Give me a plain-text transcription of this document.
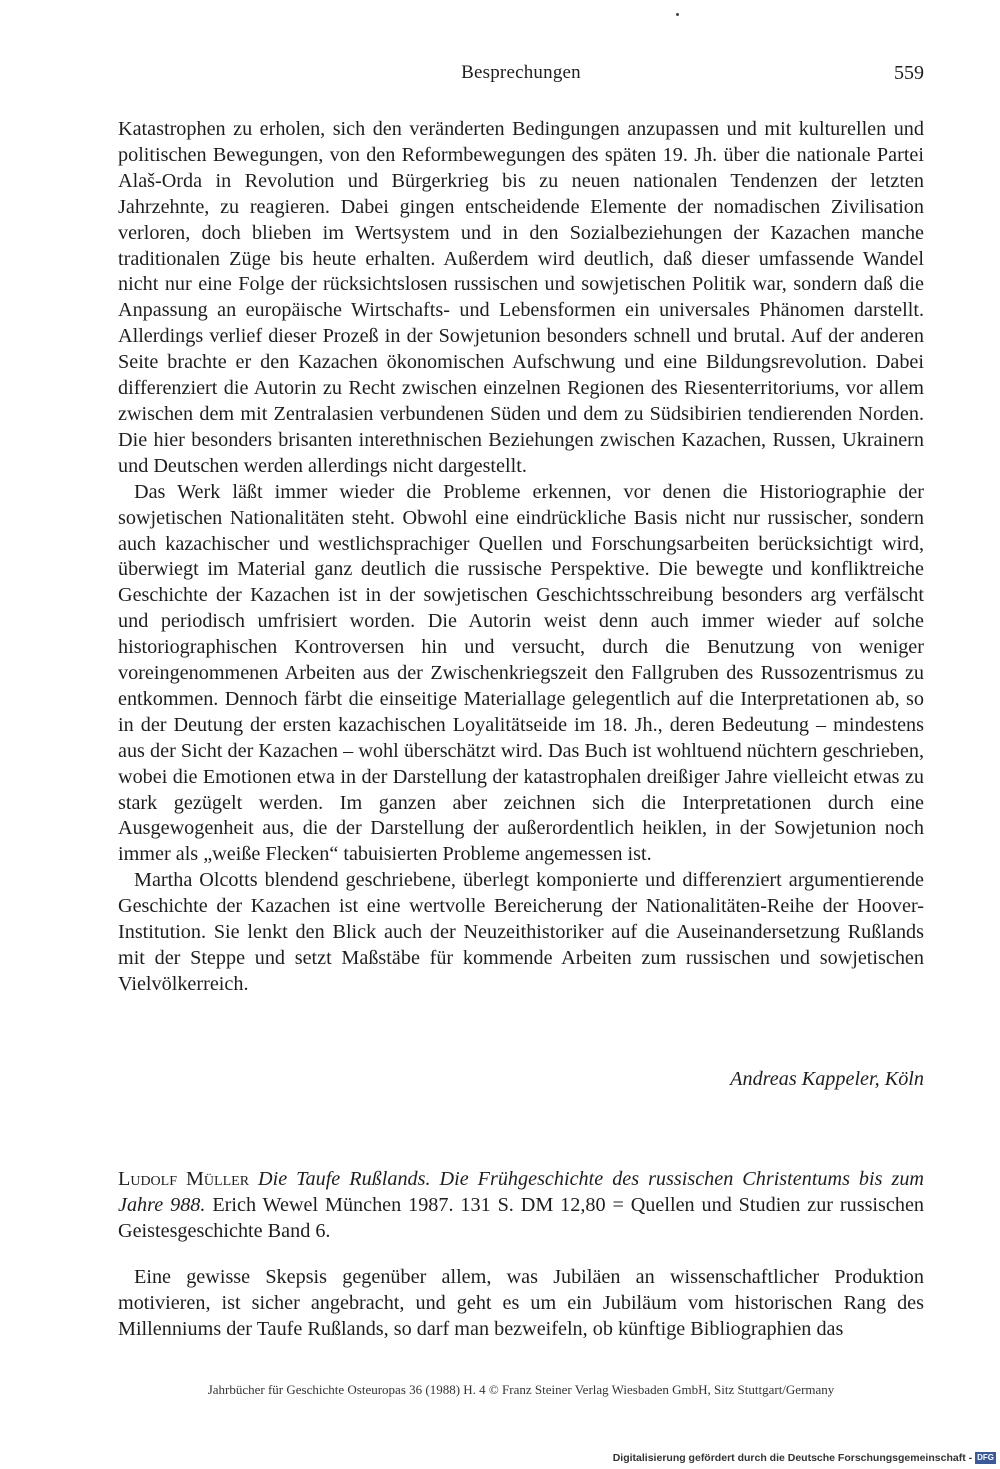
Besprechungen	559

Katastrophen zu erholen, sich den veränderten Bedingungen anzupassen und mit kulturellen und politischen Bewegungen, von den Reformbewegungen des späten 19. Jh. über die nationale Partei Alaš-Orda in Revolution und Bürgerkrieg bis zu neuen nationalen Tendenzen der letzten Jahrzehnte, zu reagieren. Dabei gingen entscheidende Elemente der nomadischen Zivilisation verloren, doch blieben im Wertsystem und in den Sozialbeziehungen der Kazachen manche traditionalen Züge bis heute erhalten. Außerdem wird deutlich, daß dieser umfassende Wandel nicht nur eine Folge der rücksichtslosen russischen und sowjetischen Politik war, sondern daß die Anpassung an europäische Wirtschafts- und Lebensformen ein universales Phänomen darstellt. Allerdings verlief dieser Prozeß in der Sowjetunion besonders schnell und brutal. Auf der anderen Seite brachte er den Kazachen ökonomischen Aufschwung und eine Bildungsrevolution. Dabei differenziert die Autorin zu Recht zwischen einzelnen Regionen des Riesenterritoriums, vor allem zwischen dem mit Zentralasien verbundenen Süden und dem zu Südsibirien tendierenden Norden. Die hier besonders brisanten interethnischen Beziehungen zwischen Kazachen, Russen, Ukrainern und Deutschen werden allerdings nicht dargestellt.

Das Werk läßt immer wieder die Probleme erkennen, vor denen die Historiographie der sowjetischen Nationalitäten steht. Obwohl eine eindrückliche Basis nicht nur russischer, sondern auch kazachischer und westlichsprachiger Quellen und Forschungsarbeiten berücksichtigt wird, überwiegt im Material ganz deutlich die russische Perspektive. Die bewegte und konfliktreiche Geschichte der Kazachen ist in der sowjetischen Geschichtsschreibung besonders arg verfälscht und periodisch umfrisiert worden. Die Autorin weist denn auch immer wieder auf solche historiographischen Kontroversen hin und versucht, durch die Benutzung von weniger voreingenommenen Arbeiten aus der Zwischenkriegszeit den Fallgruben des Russozentrismus zu entkommen. Dennoch färbt die einseitige Materiallage gelegentlich auf die Interpretationen ab, so in der Deutung der ersten kazachischen Loyalitätseide im 18. Jh., deren Bedeutung – mindestens aus der Sicht der Kazachen – wohl überschätzt wird. Das Buch ist wohltuend nüchtern geschrieben, wobei die Emotionen etwa in der Darstellung der katastrophalen dreißiger Jahre vielleicht etwas zu stark gezügelt werden. Im ganzen aber zeichnen sich die Interpretationen durch eine Ausgewogenheit aus, die der Darstellung der außerordentlich heiklen, in der Sowjetunion noch immer als „weiße Flecken“ tabuisierten Probleme angemessen ist.

Martha Olcotts blendend geschriebene, überlegt komponierte und differenziert argumentierende Geschichte der Kazachen ist eine wertvolle Bereicherung der Nationalitäten-Reihe der Hoover-Institution. Sie lenkt den Blick auch der Neuzeithistoriker auf die Auseinandersetzung Rußlands mit der Steppe und setzt Maßstäbe für kommende Arbeiten zum russischen und sowjetischen Vielvölkerreich.

Andreas Kappeler, Köln
Ludolf Müller Die Taufe Rußlands. Die Frühgeschichte des russischen Christentums bis zum Jahre 988. Erich Wewel München 1987. 131 S. DM 12,80 = Quellen und Studien zur russischen Geistesgeschichte Band 6.
Eine gewisse Skepsis gegenüber allem, was Jubiläen an wissenschaftlicher Produktion motivieren, ist sicher angebracht, und geht es um ein Jubiläum vom historischen Rang des Millenniums der Taufe Rußlands, so darf man bezweifeln, ob künftige Bibliographien das
Jahrbücher für Geschichte Osteuropas 36 (1988) H. 4 © Franz Steiner Verlag Wiesbaden GmbH, Sitz Stuttgart/Germany
Digitalisierung gefördert durch die Deutsche Forschungsgemeinschaft - DFG
